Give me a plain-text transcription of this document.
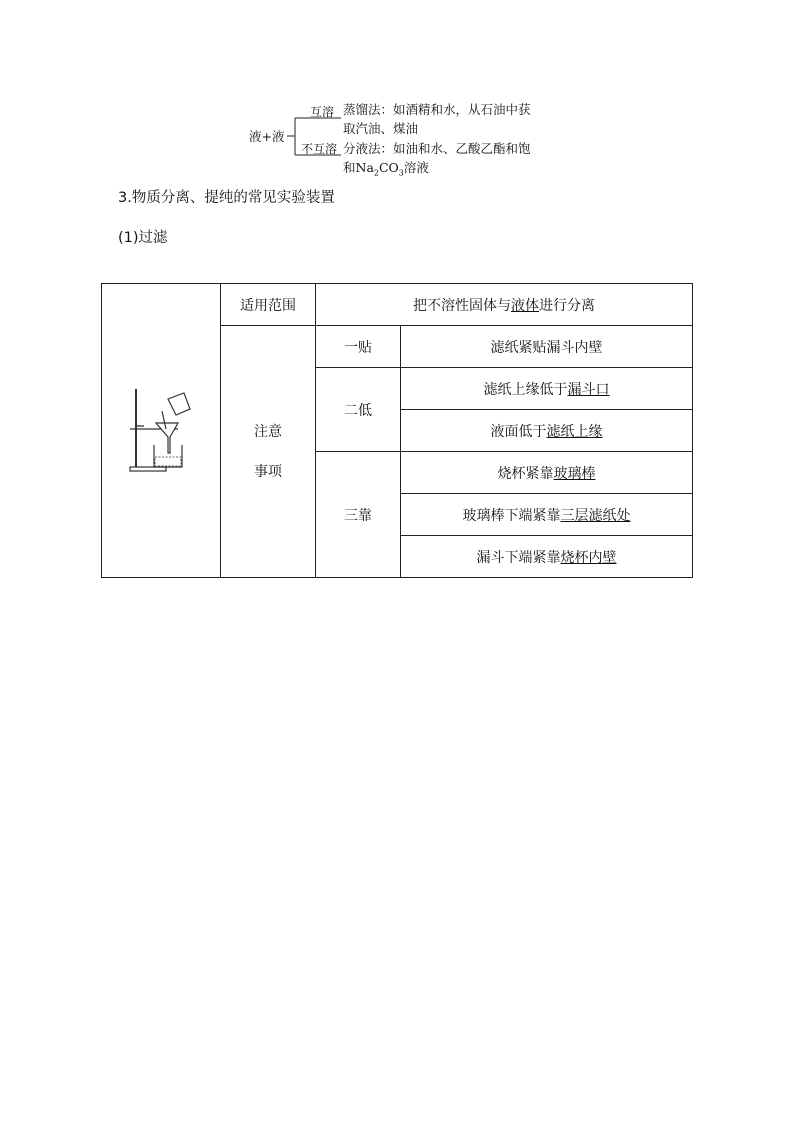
液+液
互溶
不互溶
蒸馏法：如酒精和水，从石油中获
取汽油、煤油
分液法：如油和水、乙酸乙酯和饱
和$Na_2CO_3$溶液
3.物质分离、提纯的常见实验装置
(1)过滤
	适用范围	把不溶性固体与液体进行分离	

	注意
事项	一贴	滤纸紧贴漏斗内壁
		二低	滤纸上缘低于漏斗口
			液面低于滤纸上缘
		三靠	烧杯紧靠玻璃棒
			玻璃棒下端紧靠三层滤纸处
			漏斗下端紧靠烧杯内壁
